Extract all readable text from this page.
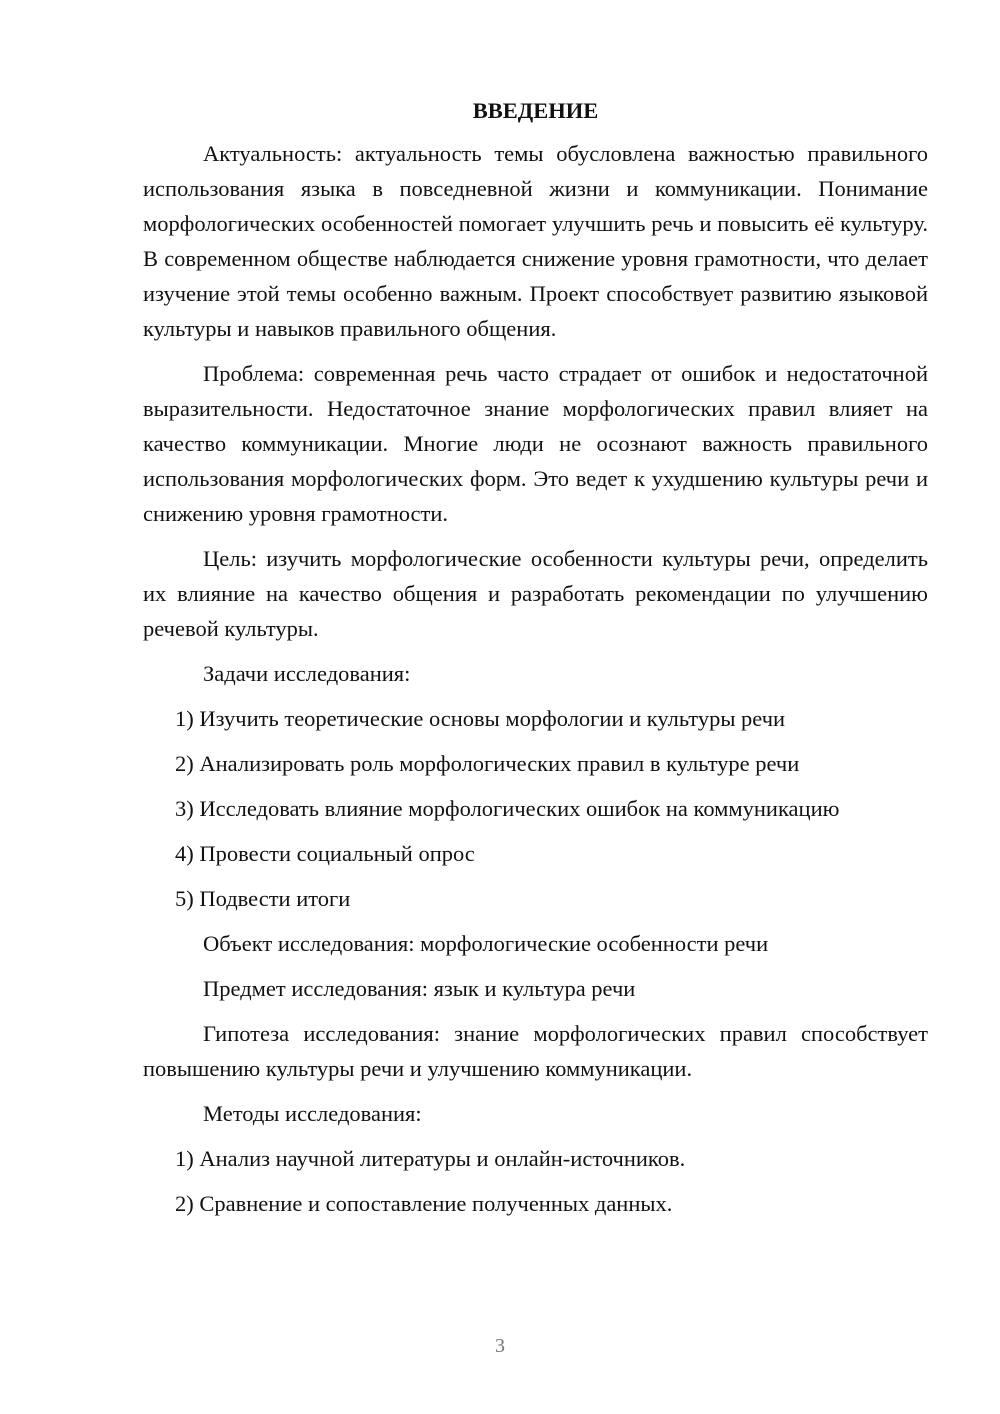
ВВЕДЕНИЕ

Актуальность: актуальность темы обусловлена важностью правильного использования языка в повседневной жизни и коммуникации. Понимание морфологических особенностей помогает улучшить речь и повысить её культуру. В современном обществе наблюдается снижение уровня грамотности, что делает изучение этой темы особенно важным. Проект способствует развитию языковой культуры и навыков правильного общения.

Проблема: современная речь часто страдает от ошибок и недостаточной выразительности. Недостаточное знание морфологических правил влияет на качество коммуникации. Многие люди не осознают важность правильного использования морфологических форм. Это ведет к ухудшению культуры речи и снижению уровня грамотности.

Цель: изучить морфологические особенности культуры речи, определить их влияние на качество общения и разработать рекомендации по улучшению речевой культуры.

Задачи исследования:

1) Изучить теоретические основы морфологии и культуры речи

2) Анализировать роль морфологических правил в культуре речи

3) Исследовать влияние морфологических ошибок на коммуникацию

4) Провести социальный опрос

5) Подвести итоги

Объект исследования: морфологические особенности речи

Предмет исследования: язык и культура речи

Гипотеза исследования: знание морфологических правил способствует повышению культуры речи и улучшению коммуникации.

Методы исследования:

1) Анализ научной литературы и онлайн-источников.

2) Сравнение и сопоставление полученных данных.

3
